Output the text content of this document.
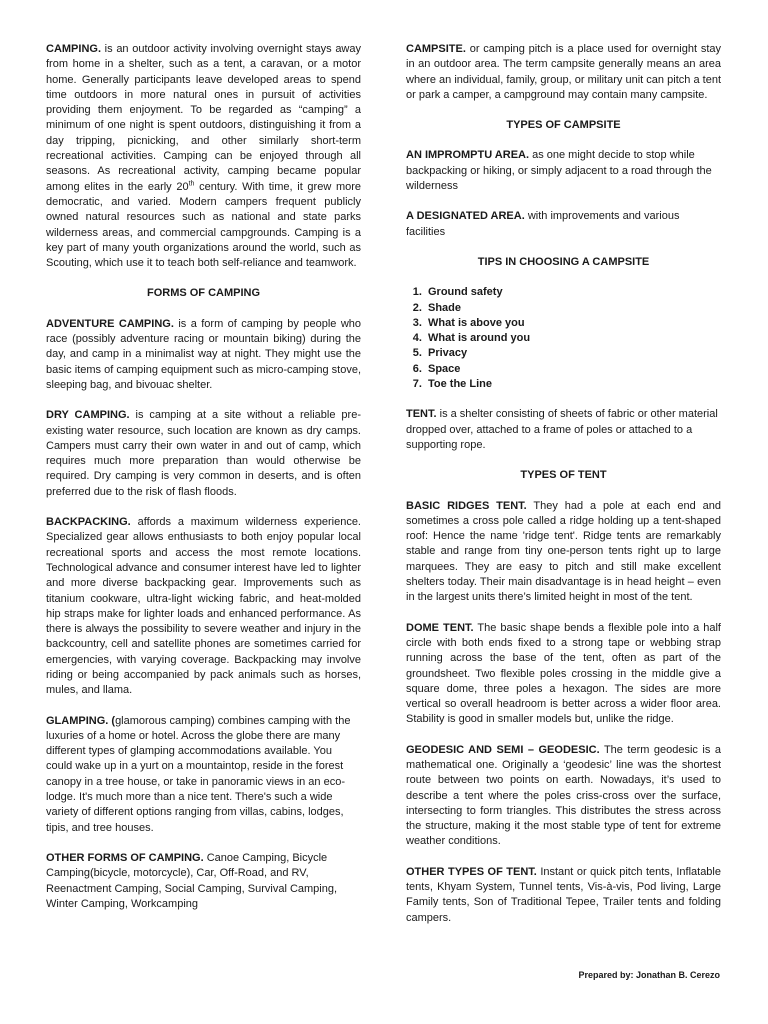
CAMPING. is an outdoor activity involving overnight stays away from home in a shelter, such as a tent, a caravan, or a motor home. Generally participants leave developed areas to spend time outdoors in more natural ones in pursuit of activities providing them enjoyment. To be regarded as “camping” a minimum of one night is spent outdoors, distinguishing it from a day tripping, picnicking, and other similarly short-term recreational activities. Camping can be enjoyed through all seasons. As recreational activity, camping became popular among elites in the early 20th century. With time, it grew more democratic, and varied. Modern campers frequent publicly owned natural resources such as national and state parks wilderness areas, and commercial campgrounds. Camping is a key part of many youth organizations around the world, such as Scouting, which use it to teach both self-reliance and teamwork.

FORMS OF CAMPING

ADVENTURE CAMPING. is a form of camping by people who race (possibly adventure racing or mountain biking) during the day, and camp in a minimalist way at night. They might use the basic items of camping equipment such as micro-camping stove, sleeping bag, and bivouac shelter.

DRY CAMPING. is camping at a site without a reliable pre-existing water resource, such location are known as dry camps. Campers must carry their own water in and out of camp, which requires much more preparation than would otherwise be required. Dry camping is very common in deserts, and is often preferred due to the risk of flash floods.

BACKPACKING. affords a maximum wilderness experience. Specialized gear allows enthusiasts to both enjoy popular local recreational sports and access the most remote locations. Technological advance and consumer interest have led to lighter and more diverse backpacking gear. Improvements such as titanium cookware, ultra-light wicking fabric, and heat-molded hip straps make for lighter loads and enhanced performance. As there is always the possibility to severe weather and injury in the backcountry, cell and satellite phones are sometimes carried for emergencies, with varying coverage. Backpacking may involve riding or being accompanied by pack animals such as horses, mules, and llama.

GLAMPING. (glamorous camping) combines camping with the luxuries of a home or hotel. Across the globe there are many different types of glamping accommodations available. You could wake up in a yurt on a mountaintop, reside in the forest canopy in a tree house, or take in panoramic views in an eco-lodge. It's much more than a nice tent. There's such a wide variety of different options ranging from villas, cabins, lodges, tipis, and tree houses.

OTHER FORMS OF CAMPING. Canoe Camping, Bicycle Camping(bicycle, motorcycle), Car, Off-Road, and RV, Reenactment Camping, Social Camping, Survival Camping, Winter Camping, Workcamping

CAMPSITE. or camping pitch is a place used for overnight stay in an outdoor area. The term campsite generally means an area where an individual, family, group, or military unit can pitch a tent or park a camper, a campground may contain many campsite.

TYPES OF CAMPSITE

AN IMPROMPTU AREA. as one might decide to stop while backpacking or hiking, or simply adjacent to a road through the wilderness

A DESIGNATED AREA. with improvements and various facilities

TIPS IN CHOOSING A CAMPSITE
1. Ground safety
2. Shade
3. What is above you
4. What is around you
5. Privacy
6. Space
7. Toe the Line

TENT. is a shelter consisting of sheets of fabric or other material dropped over, attached to a frame of poles or attached to a supporting rope.

TYPES OF TENT

BASIC RIDGES TENT. They had a pole at each end and sometimes a cross pole called a ridge holding up a tent-shaped roof: Hence the name 'ridge tent'. Ridge tents are remarkably stable and range from tiny one-person tents right up to large marquees. They are easy to pitch and still make excellent shelters today. Their main disadvantage is in head height – even in the largest units there’s limited height in most of the tent.

DOME TENT. The basic shape bends a flexible pole into a half circle with both ends fixed to a strong tape or webbing strap running across the base of the tent, often as part of the groundsheet. Two flexible poles crossing in the middle give a square dome, three poles a hexagon. The sides are more vertical so overall headroom is better across a wider floor area. Stability is good in smaller models but, unlike the ridge.

GEODESIC AND SEMI – GEODESIC. The term geodesic is a mathematical one. Originally a ‘geodesic’ line was the shortest route between two points on earth. Nowadays, it’s used to describe a tent where the poles criss-cross over the surface, intersecting to form triangles. This distributes the stress across the structure, making it the most stable type of tent for extreme weather conditions.

OTHER TYPES OF TENT. Instant or quick pitch tents, Inflatable tents, Khyam System, Tunnel tents, Vis-à-vis, Pod living, Large Family tents, Son of Traditional Tepee, Trailer tents and folding campers.

Prepared by: Jonathan B. Cerezo
